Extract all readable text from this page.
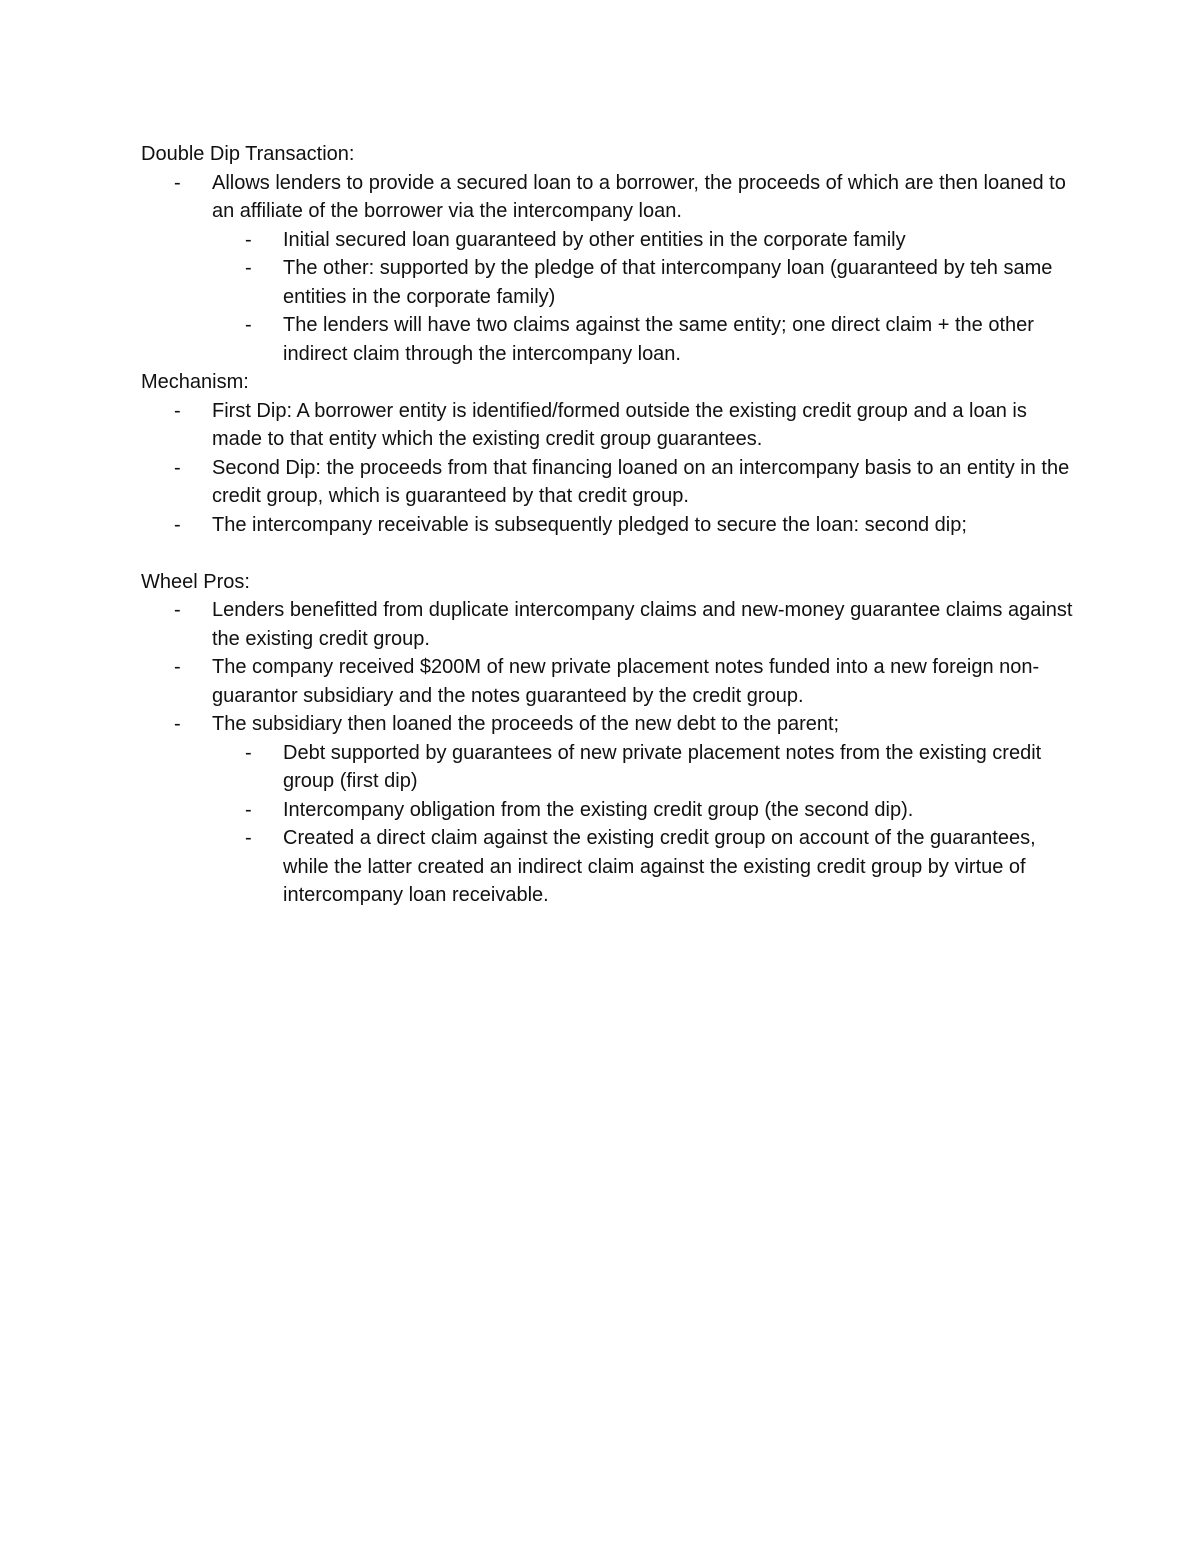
Double Dip Transaction:

- Allows lenders to provide a secured loan to a borrower, the proceeds of which are then loaned to an affiliate of the borrower via the intercompany loan.
- Initial secured loan guaranteed by other entities in the corporate family
- The other: supported by the pledge of that intercompany loan (guaranteed by teh same entities in the corporate family)
- The lenders will have two claims against the same entity; one direct claim + the other indirect claim through the intercompany loan.

Mechanism:

- First Dip: A borrower entity is identified/formed outside the existing credit group and a loan is made to that entity which the existing credit group guarantees.
- Second Dip: the proceeds from that financing loaned on an intercompany basis to an entity in the credit group, which is guaranteed by that credit group.
- The intercompany receivable is subsequently pledged to secure the loan: second dip;

Wheel Pros:

- Lenders benefitted from duplicate intercompany claims and new-money guarantee claims against the existing credit group.
- The company received $200M of new private placement notes funded into a new foreign non-guarantor subsidiary and the notes guaranteed by the credit group.
- The subsidiary then loaned the proceeds of the new debt to the parent;
- Debt supported by guarantees of new private placement notes from the existing credit group (first dip)
- Intercompany obligation from the existing credit group (the second dip).
- Created a direct claim against the existing credit group on account of the guarantees, while the latter created an indirect claim against the existing credit group by virtue of intercompany loan receivable.
